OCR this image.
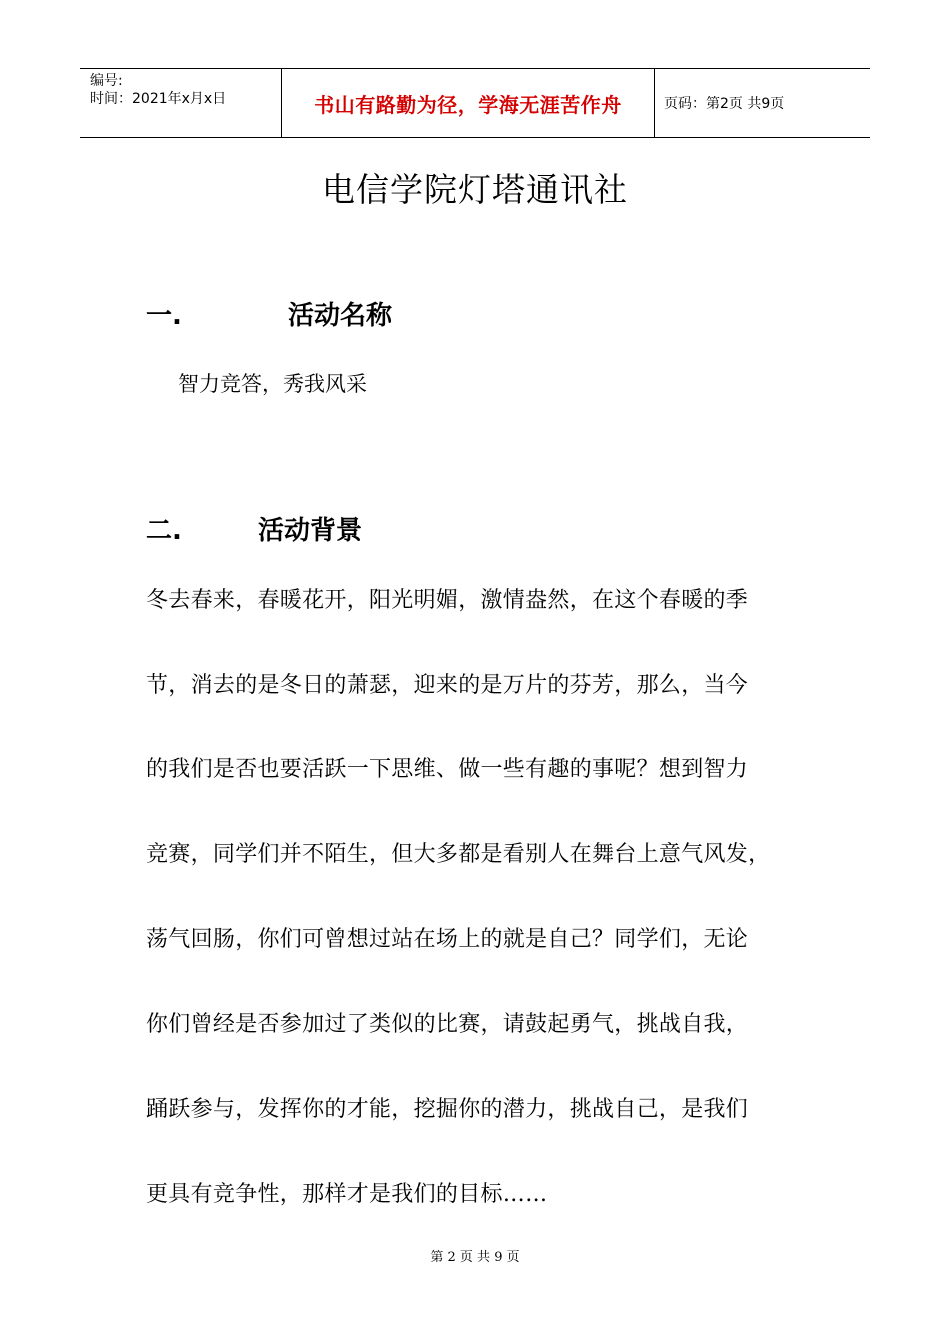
编号:
时间：2021年x月x日	书山有路勤为径，学海无涯苦作舟	页码：第2页 共9页
电信学院灯塔通讯社
一.	活动名称
智力竞答，秀我风采
二.	活动背景
冬去春来，春暖花开，阳光明媚，激情盎然，在这个春暖的季
节，消去的是冬日的萧瑟，迎来的是万片的芬芳，那么，当今
的我们是否也要活跃一下思维、做一些有趣的事呢？想到智力
竞赛，同学们并不陌生，但大多都是看别人在舞台上意气风发，
荡气回肠，你们可曾想过站在场上的就是自己？同学们，无论
你们曾经是否参加过了类似的比赛，请鼓起勇气，挑战自我，
踊跃参与，发挥你的才能，挖掘你的潜力，挑战自己，是我们
更具有竞争性，那样才是我们的目标……
第 2 页 共 9 页
